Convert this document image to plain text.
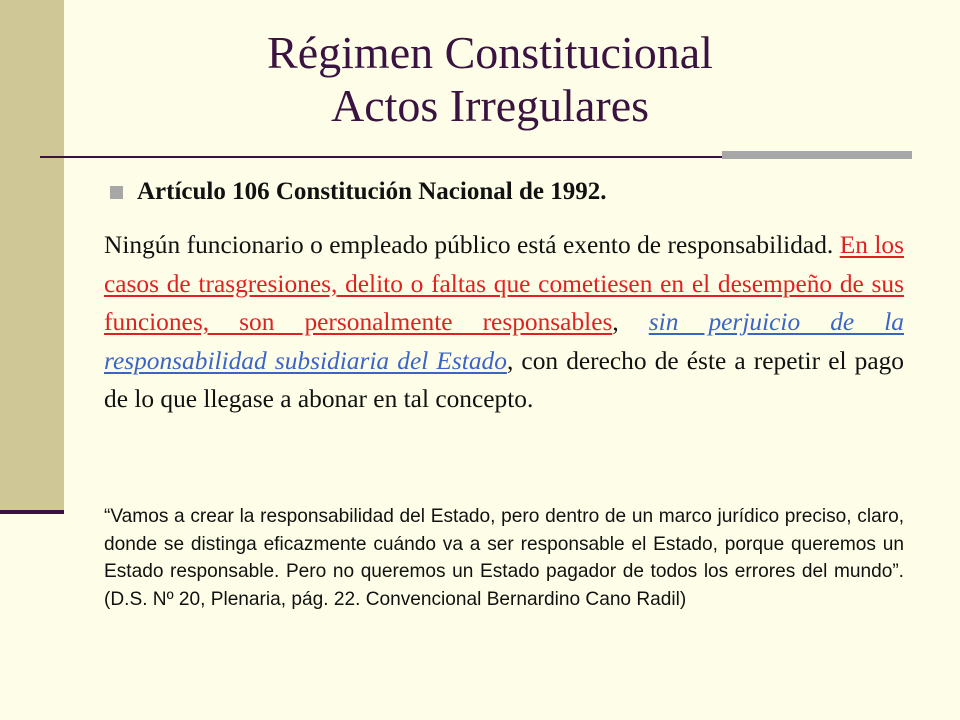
Régimen Constitucional
Actos Irregulares
Artículo 106 Constitución Nacional de 1992.
Ningún funcionario o empleado público está exento de responsabilidad. En los casos de trasgresiones, delito o faltas que cometiesen en el desempeño de sus funciones, son personalmente responsables, sin perjuicio de la responsabilidad subsidiaria del Estado, con derecho de éste a repetir el pago de lo que llegase a abonar en tal concepto.
“Vamos a crear la responsabilidad del Estado, pero dentro de un marco jurídico preciso, claro, donde se distinga eficazmente cuándo va a ser responsable el Estado, porque queremos un Estado responsable. Pero no queremos un Estado pagador de todos los errores del mundo”. (D.S. Nº 20, Plenaria, pág. 22. Convencional Bernardino Cano Radil)
